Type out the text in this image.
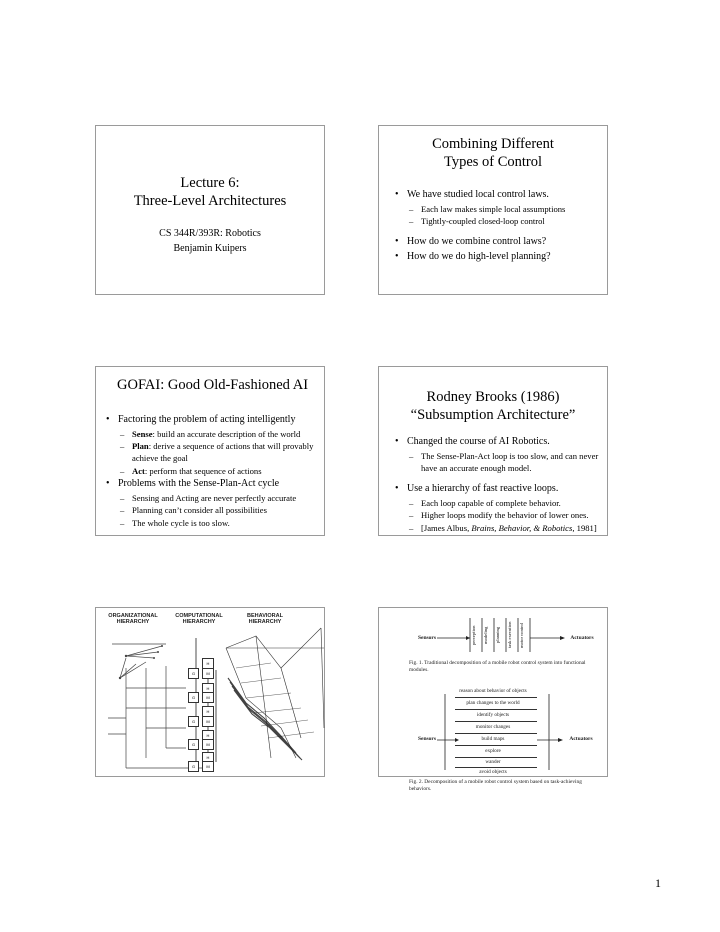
Lecture 6:
Three-Level Architectures
CS 344R/393R: Robotics
Benjamin Kuipers
Combining Different
Types of Control
• We have studied local control laws.
– Each law makes simple local assumptions
– Tightly-coupled closed-loop control
• How do we combine control laws?
• How do we do high-level planning?
GOFAI: Good Old-Fashioned AI
• Factoring the problem of acting intelligently
– Sense: build an accurate description of the world
– Plan: derive a sequence of actions that will provably achieve the goal
– Act: perform that sequence of actions
• Problems with the Sense-Plan-Act cycle
– Sensing and Acting are never perfectly accurate
– Planning can’t consider all possibilities
– The whole cycle is too slow.
Rodney Brooks (1986)
“Subsumption Architecture”
• Changed the course of AI Robotics.
– The Sense-Plan-Act loop is too slow, and can never have an accurate enough model.
• Use a hierarchy of fast reactive loops.
– Each loop capable of complete behavior.
– Higher loops modify the behavior of lower ones.
– [James Albus, Brains, Behavior, & Robotics, 1981]
ORGANIZATIONAL HIERARCHY
COMPUTATIONAL HIERARCHY
BEHAVIORAL HIERARCHY
H
G	M
H
G	M
H
G	M
H
G	M
H
G	M
Sensors	Actuators
perception	modeling	planning	task execution	motor control
Fig. 1. Traditional decomposition of a mobile robot control system into functional modules.
reason about behavior of objects
plan changes to the world
identify objects
monitor changes
Sensors	Actuators
build maps
explore
wander
avoid objects
Fig. 2. Decomposition of a mobile robot control system based on task-achieving behaviors.
1
